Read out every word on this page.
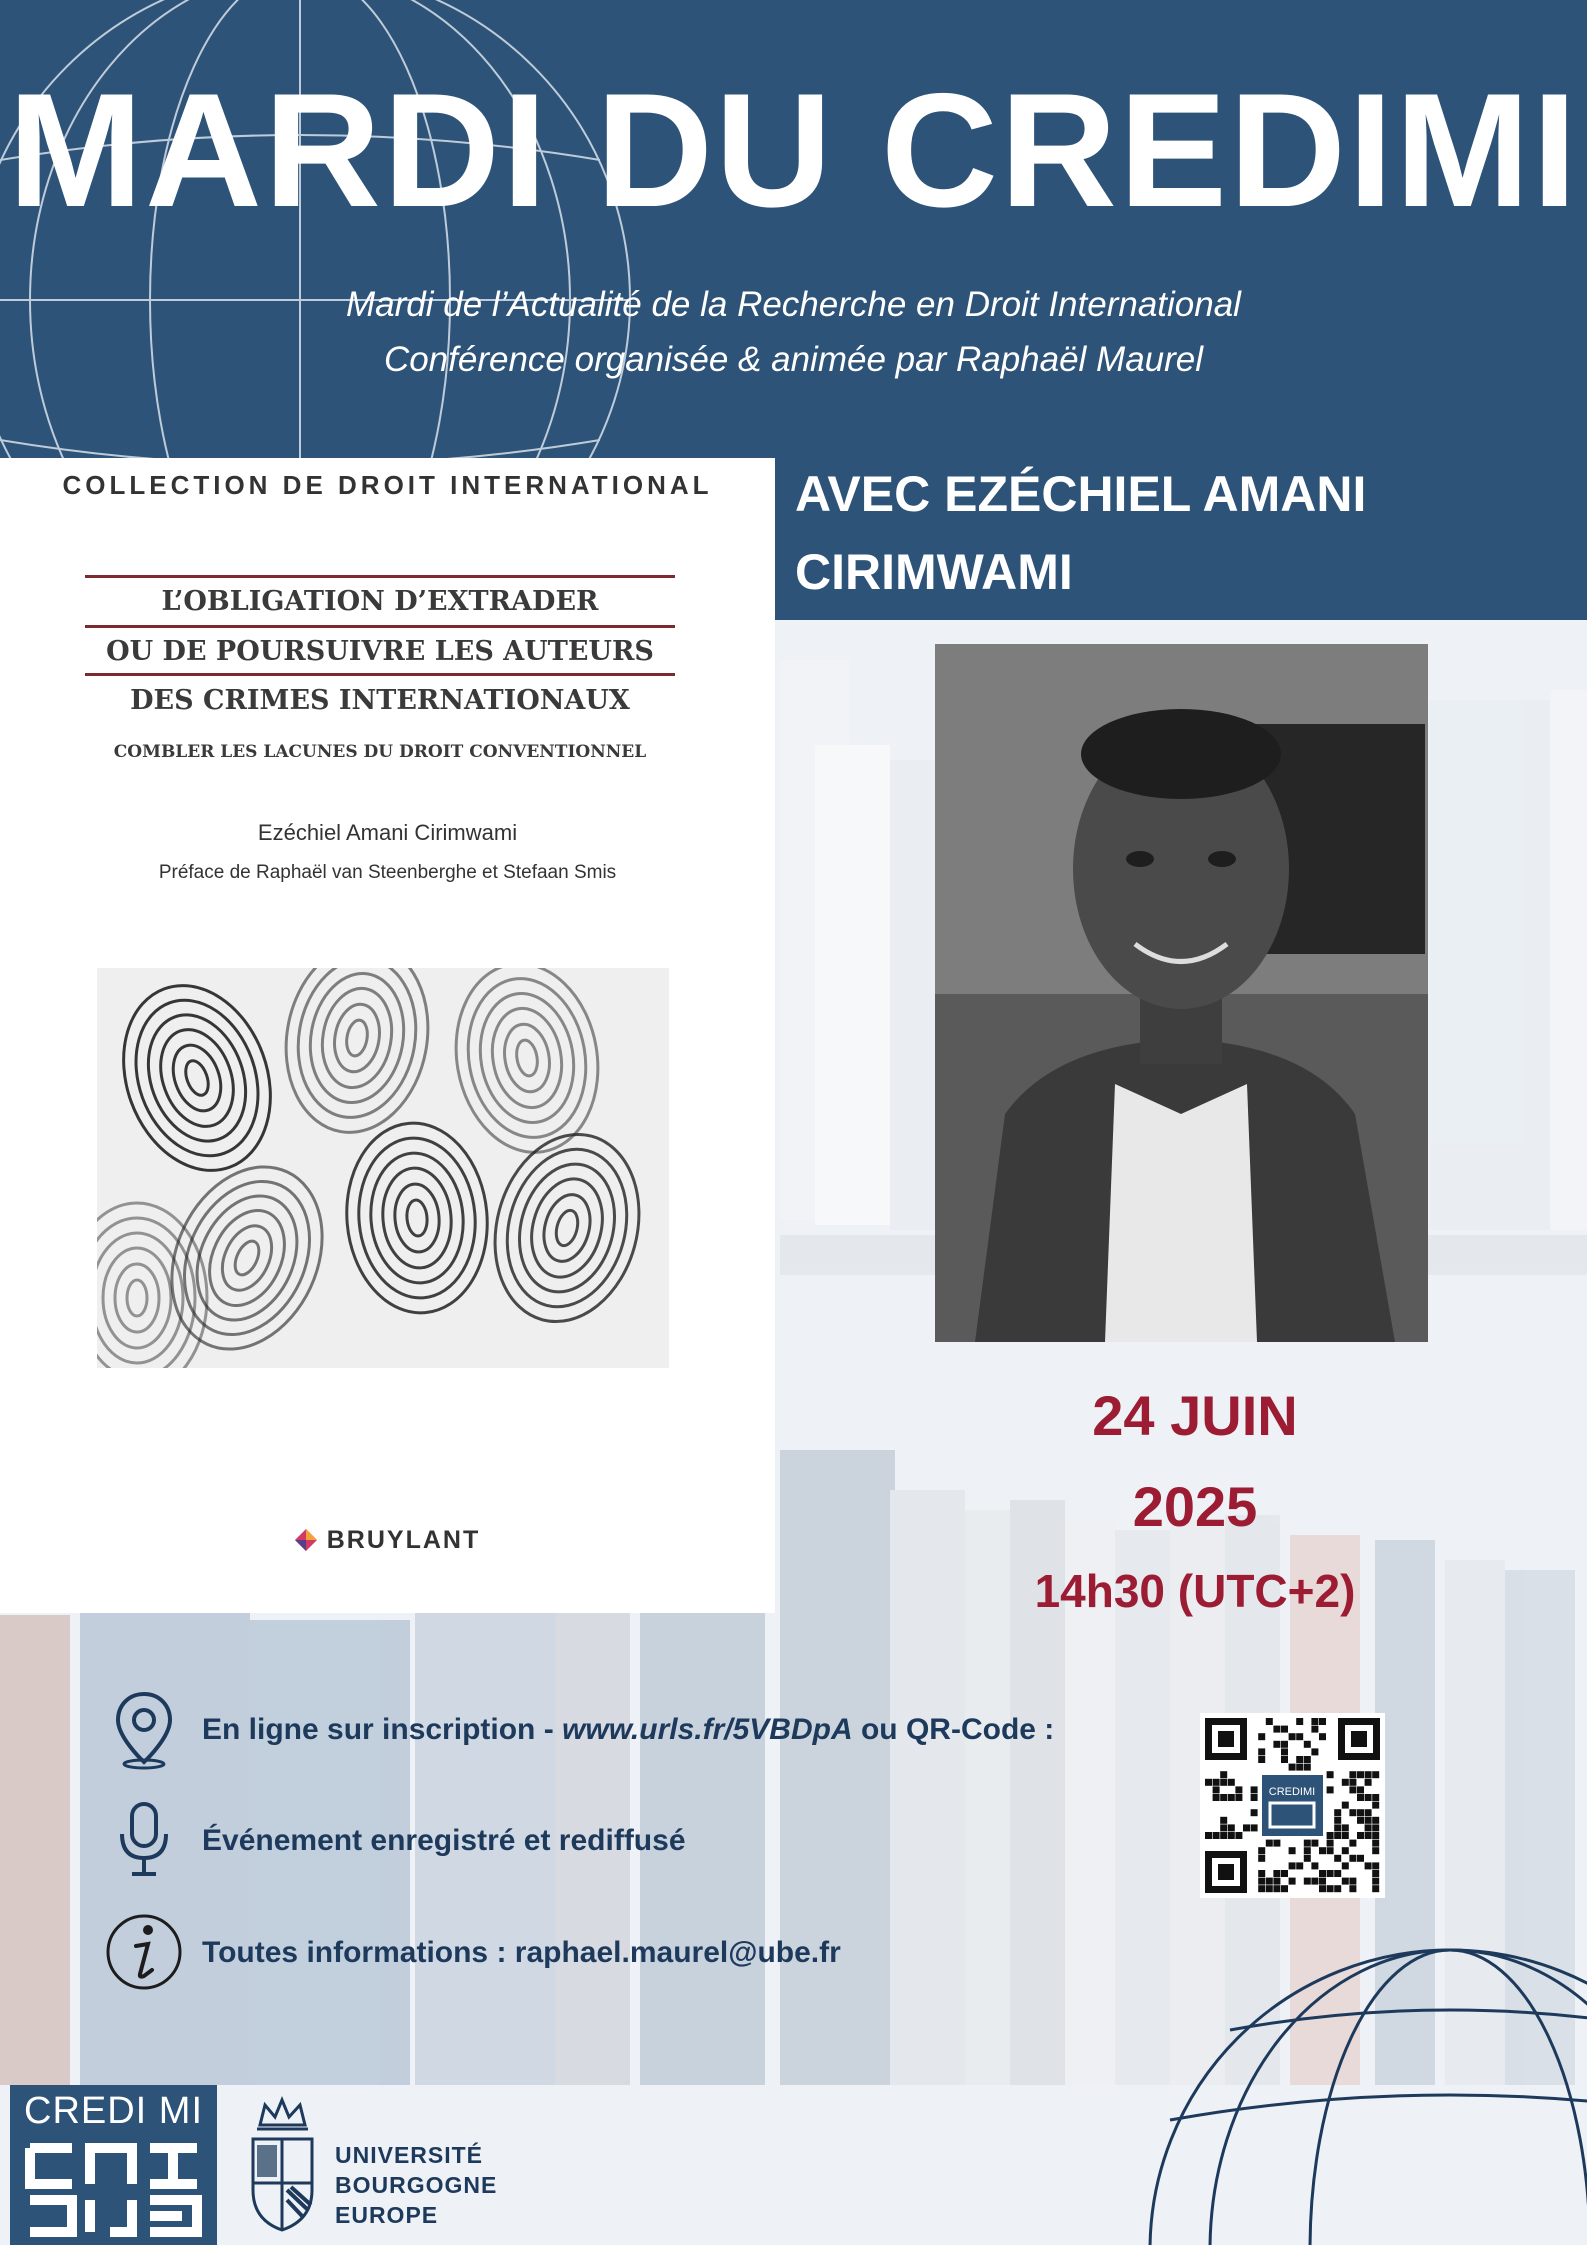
MARDI DU CREDIMI
Mardi de l’Actualité de la Recherche en Droit International
Conférence organisée & animée par Raphaël Maurel
COLLECTION DE DROIT INTERNATIONAL
L’OBLIGATION D’EXTRADER
OU DE POURSUIVRE LES AUTEURS
DES CRIMES INTERNATIONAUX
COMBLER LES LACUNES DU DROIT CONVENTIONNEL
Ezéchiel Amani Cirimwami
Préface de Raphaël van Steenberghe et Stefaan Smis
BRUYLANT
AVEC EZÉCHIEL AMANI
CIRIMWAMI
24 JUIN
2025
14h30 (UTC+2)
En ligne sur inscription - www.urls.fr/5VBDpA ou QR-Code :
Événement enregistré et rediffusé
Toutes informations : raphael.maurel@ube.fr
CREDIMI
CREDI MI
UNIVERSITÉ
BOURGOGNE
EUROPE
